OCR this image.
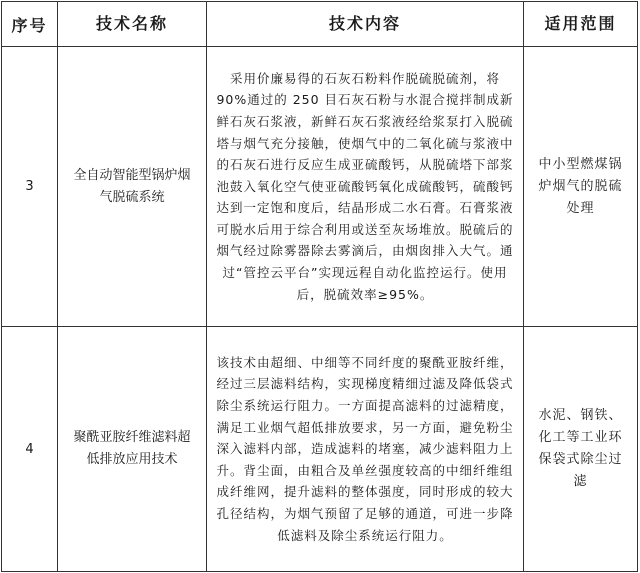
序号	技术名称	技术内容	适用范围
3	全自动智能型锅炉烟气脱硫系统	采用价廉易得的石灰石粉料作脱硫脱硫剂，将 90%通过的 250 目石灰石粉与水混合搅拌制成新鲜石灰石浆液，新鲜石灰石浆液经给浆泵打入脱硫塔与烟气充分接触，使烟气中的二氧化硫与浆液中的石灰石进行反应生成亚硫酸钙，从脱硫塔下部浆池鼓入氧化空气使亚硫酸钙氧化成硫酸钙，硫酸钙达到一定饱和度后，结晶形成二水石膏。石膏浆液可脱水后用于综合利用或送至灰场堆放。脱硫后的烟气经过除雾器除去雾滴后，由烟囱排入大气。通过“管控云平台”实现远程自动化监控运行。使用后，脱硫效率≥95%。	中小型燃煤锅炉烟气的脱硫处理
4	聚酰亚胺纤维滤料超低排放应用技术	该技术由超细、中细等不同纤度的聚酰亚胺纤维，经过三层滤料结构，实现梯度精细过滤及降低袋式除尘系统运行阻力。一方面提高滤料的过滤精度，满足工业烟气超低排放要求，另一方面，避免粉尘深入滤料内部，造成滤料的堵塞，减少滤料阻力上升。背尘面，由粗合及单丝强度较高的中细纤维组成纤维网，提升滤料的整体强度，同时形成的较大孔径结构，为烟气预留了足够的通道，可进一步降低滤料及除尘系统运行阻力。	水泥、钢铁、化工等工业环保袋式除尘过滤
